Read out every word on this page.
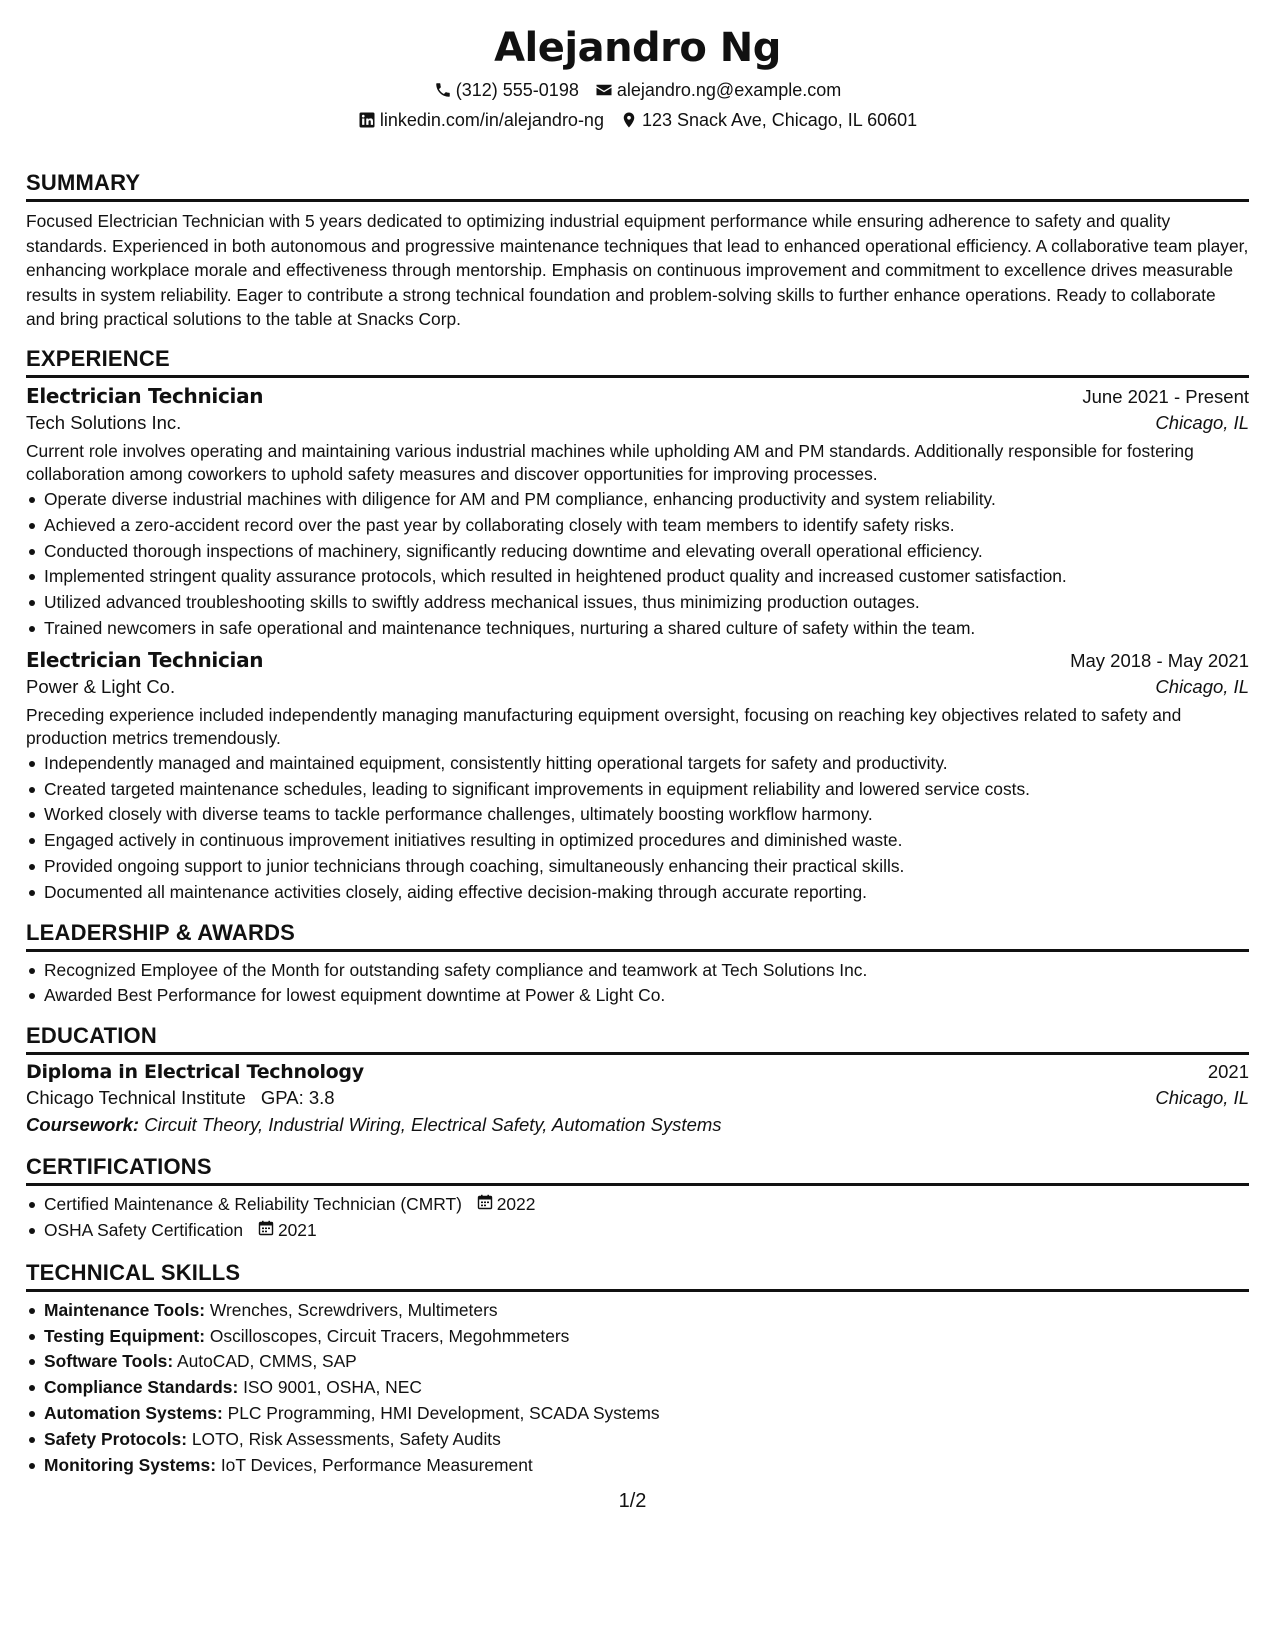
Alejandro Ng
(312) 555-0198 alejandro.ng@example.com
linkedin.com/in/alejandro-ng 123 Snack Ave, Chicago, IL 60601
SUMMARY

Focused Electrician Technician with 5 years dedicated to optimizing industrial equipment performance while ensuring adherence to safety and quality standards. Experienced in both autonomous and progressive maintenance techniques that lead to enhanced operational efficiency. A collaborative team player, enhancing workplace morale and effectiveness through mentorship. Emphasis on continuous improvement and commitment to excellence drives measurable results in system reliability. Eager to contribute a strong technical foundation and problem-solving skills to further enhance operations. Ready to collaborate and bring practical solutions to the table at Snacks Corp.

EXPERIENCE
Electrician Technician	June 2021 - Present
Tech Solutions Inc.	Chicago, IL

Current role involves operating and maintaining various industrial machines while upholding AM and PM standards. Additionally responsible for fostering collaboration among coworkers to uphold safety measures and discover opportunities for improving processes.

Operate diverse industrial machines with diligence for AM and PM compliance, enhancing productivity and system reliability.
Achieved a zero-accident record over the past year by collaborating closely with team members to identify safety risks.
Conducted thorough inspections of machinery, significantly reducing downtime and elevating overall operational efficiency.
Implemented stringent quality assurance protocols, which resulted in heightened product quality and increased customer satisfaction.
Utilized advanced troubleshooting skills to swiftly address mechanical issues, thus minimizing production outages.
Trained newcomers in safe operational and maintenance techniques, nurturing a shared culture of safety within the team.
Electrician Technician	May 2018 - May 2021
Power & Light Co.	Chicago, IL

Preceding experience included independently managing manufacturing equipment oversight, focusing on reaching key objectives related to safety and production metrics tremendously.

Independently managed and maintained equipment, consistently hitting operational targets for safety and productivity.
Created targeted maintenance schedules, leading to significant improvements in equipment reliability and lowered service costs.
Worked closely with diverse teams to tackle performance challenges, ultimately boosting workflow harmony.
Engaged actively in continuous improvement initiatives resulting in optimized procedures and diminished waste.
Provided ongoing support to junior technicians through coaching, simultaneously enhancing their practical skills.
Documented all maintenance activities closely, aiding effective decision-making through accurate reporting.
LEADERSHIP & AWARDS
Recognized Employee of the Month for outstanding safety compliance and teamwork at Tech Solutions Inc.
Awarded Best Performance for lowest equipment downtime at Power & Light Co.
EDUCATION
Diploma in Electrical Technology	2021
Chicago Technical Institute GPA: 3.8	Chicago, IL
Coursework: Circuit Theory, Industrial Wiring, Electrical Safety, Automation Systems
CERTIFICATIONS
Certified Maintenance & Reliability Technician (CMRT) 2022
OSHA Safety Certification 2021
TECHNICAL SKILLS
Maintenance Tools: Wrenches, Screwdrivers, Multimeters
Testing Equipment: Oscilloscopes, Circuit Tracers, Megohmmeters
Software Tools: AutoCAD, CMMS, SAP
Compliance Standards: ISO 9001, OSHA, NEC
Automation Systems: PLC Programming, HMI Development, SCADA Systems
Safety Protocols: LOTO, Risk Assessments, Safety Audits
Monitoring Systems: IoT Devices, Performance Measurement
1/2
